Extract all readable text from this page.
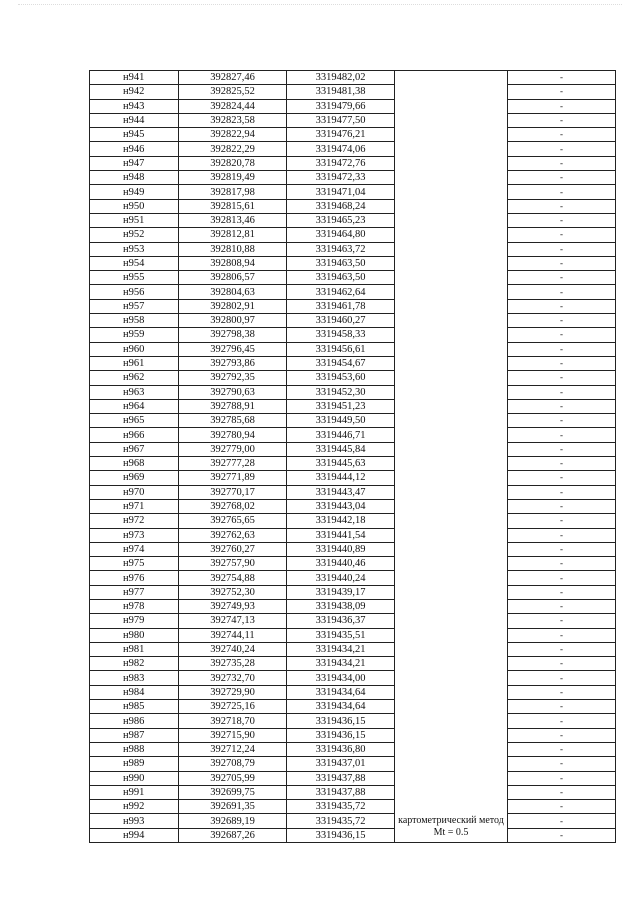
н941	392827,46	3319482,02	картометрический метод Mt = 0.5	-
н942	392825,52	3319481,38		-
н943	392824,44	3319479,66		-
н944	392823,58	3319477,50		-
н945	392822,94	3319476,21		-
н946	392822,29	3319474,06		-
н947	392820,78	3319472,76		-
н948	392819,49	3319472,33		-
н949	392817,98	3319471,04		-
н950	392815,61	3319468,24		-
н951	392813,46	3319465,23		-
н952	392812,81	3319464,80		-
н953	392810,88	3319463,72		-
н954	392808,94	3319463,50		-
н955	392806,57	3319463,50		-
н956	392804,63	3319462,64		-
н957	392802,91	3319461,78		-
н958	392800,97	3319460,27		-
н959	392798,38	3319458,33		-
н960	392796,45	3319456,61		-
н961	392793,86	3319454,67		-
н962	392792,35	3319453,60		-
н963	392790,63	3319452,30		-
н964	392788,91	3319451,23		-
н965	392785,68	3319449,50		-
н966	392780,94	3319446,71		-
н967	392779,00	3319445,84		-
н968	392777,28	3319445,63		-
н969	392771,89	3319444,12		-
н970	392770,17	3319443,47		-
н971	392768,02	3319443,04		-
н972	392765,65	3319442,18		-
н973	392762,63	3319441,54		-
н974	392760,27	3319440,89		-
н975	392757,90	3319440,46		-
н976	392754,88	3319440,24		-
н977	392752,30	3319439,17		-
н978	392749,93	3319438,09		-
н979	392747,13	3319436,37		-
н980	392744,11	3319435,51		-
н981	392740,24	3319434,21		-
н982	392735,28	3319434,21		-
н983	392732,70	3319434,00		-
н984	392729,90	3319434,64		-
н985	392725,16	3319434,64		-
н986	392718,70	3319436,15		-
н987	392715,90	3319436,15		-
н988	392712,24	3319436,80		-
н989	392708,79	3319437,01		-
н990	392705,99	3319437,88		-
н991	392699,75	3319437,88		-
н992	392691,35	3319435,72		-
н993	392689,19	3319435,72		-
н994	392687,26	3319436,15		-
